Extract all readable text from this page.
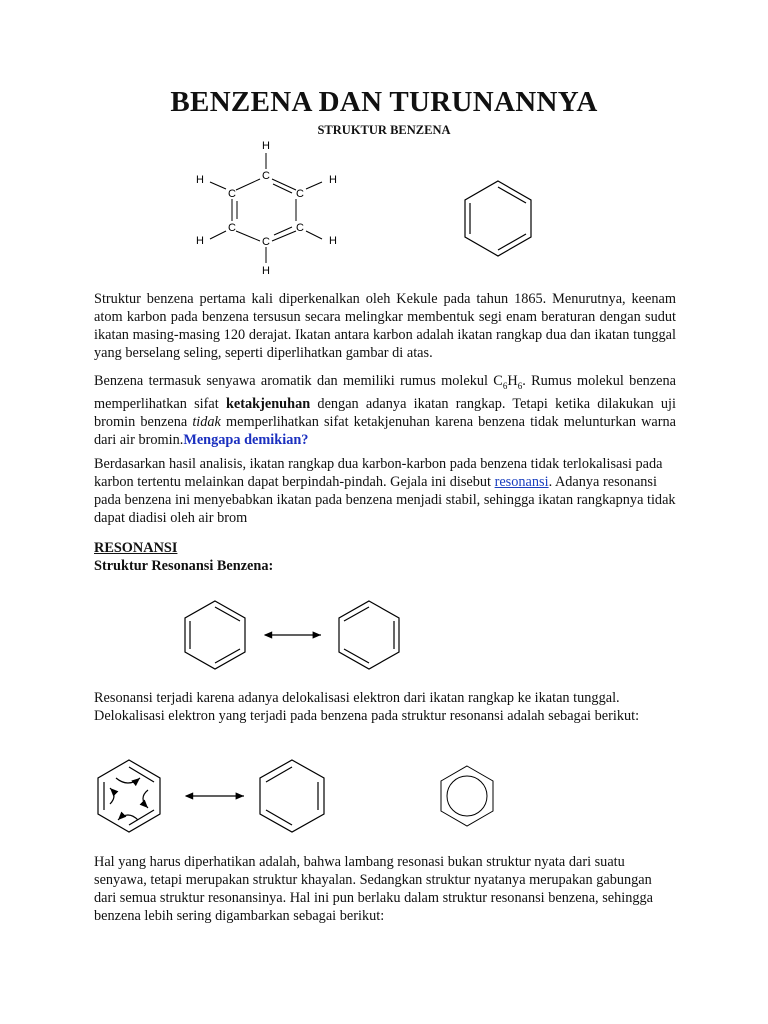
BENZENA DAN TURUNANNYA
STRUKTUR BENZENA
H
C
H
C	C
H
C	C
H	H
C
H

Struktur benzena pertama kali diperkenalkan oleh Kekule pada tahun 1865. Menurutnya, keenam atom karbon pada benzena tersusun secara melingkar membentuk segi enam beraturan dengan sudut ikatan masing-masing 120 derajat. Ikatan antara karbon adalah ikatan rangkap dua dan ikatan tunggal yang berselang seling, seperti diperlihatkan gambar di atas.

Benzena termasuk senyawa aromatik dan memiliki rumus molekul $C_6H_6$. Rumus molekul benzena memperlihatkan sifat ketakjenuhan dengan adanya ikatan rangkap. Tetapi ketika dilakukan uji bromin benzena tidak memperlihatkan sifat ketakjenuhan karena benzena tidak melunturkan warna dari air bromin.Mengapa demikian?

Berdasarkan hasil analisis, ikatan rangkap dua karbon-karbon pada benzena tidak terlokalisasi pada karbon tertentu melainkan dapat berpindah-pindah. Gejala ini disebut resonansi. Adanya resonansi pada benzena ini menyebabkan ikatan pada benzena menjadi stabil, sehingga ikatan rangkapnya tidak dapat diadisi oleh air brom

RESONANSI
Struktur Resonansi Benzena:

Resonansi terjadi karena adanya delokalisasi elektron dari ikatan rangkap ke ikatan tunggal. Delokalisasi elektron yang terjadi pada benzena pada struktur resonansi adalah sebagai berikut:

Hal yang harus diperhatikan adalah, bahwa lambang resonasi bukan struktur nyata dari suatu senyawa, tetapi merupakan struktur khayalan. Sedangkan struktur nyatanya merupakan gabungan dari semua struktur resonansinya. Hal ini pun berlaku dalam struktur resonansi benzena, sehingga benzena lebih sering digambarkan sebagai berikut:
